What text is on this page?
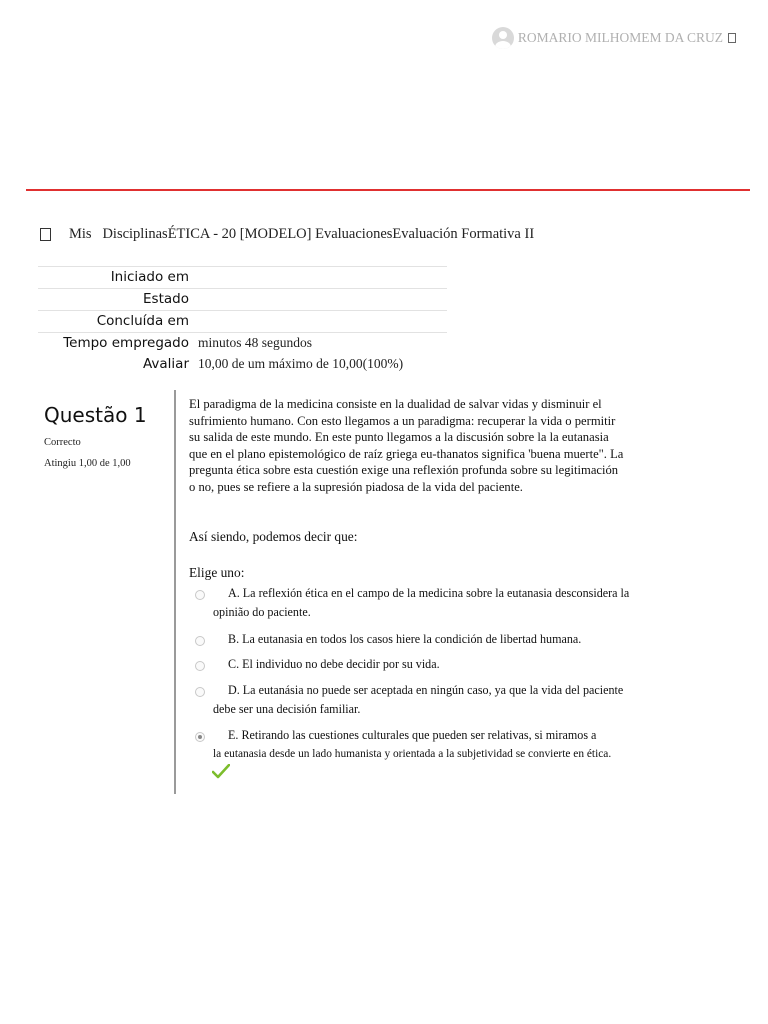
ROMARIO MILHOMEM DA CRUZ
Mis
Disciplinas ÉTICA - 20 [MODELO]
Evaluaciones Evaluación Formativa II
Iniciado em
Estado
Concluída em
Tempo empregado minutos 48 segundos
Avaliar 10,00 de um máximo de 10,00(100%)
Questão 1
Correcto
Atingiu 1,00 de 1,00
El paradigma de la medicina consiste en la dualidad de salvar vidas y disminuir el sufrimiento humano. Con esto llegamos a un paradigma: recuperar la vida o permitir su salida de este mundo. En este punto llegamos a la discusión sobre la la eutanasia que en el plano epistemológico de raíz griega eu-thanatos significa 'buena muerte". La pregunta ética sobre esta cuestión exige una reflexión profunda sobre su legitimación o no, pues se refiere a la supresión piadosa de la vida del paciente.
Así siendo, podemos decir que:
Elige uno:
A. La reflexión ética en el campo de la medicina sobre la eutanasia desconsidera la
opinião do paciente.
B. La eutanasia en todos los casos hiere la condición de libertad humana.
C. El individuo no debe decidir por su vida.
D. La eutanásia no puede ser aceptada en ningún caso, ya que la vida del paciente
debe ser una decisión familiar.
E. Retirando las cuestiones culturales que pueden ser relativas, si miramos a
la eutanasia desde un lado humanista y orientada a la subjetividad se convierte en ética.
